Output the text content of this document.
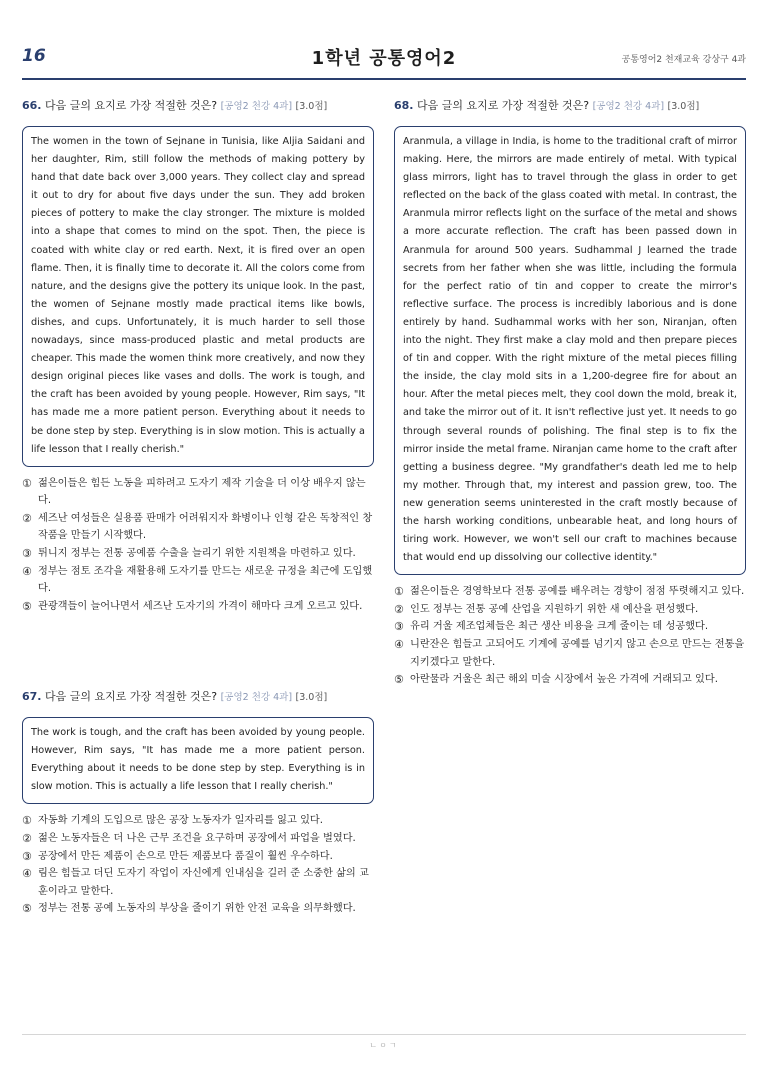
16	1학년 공통영어2	공통영어2 천재교육 강상구 4과
66. 다음 글의 요지로 가장 적절한 것은? [공영2 천강 4과] [3.0점]
The women in the town of Sejnane in Tunisia, like Aljia Saidani and her daughter, Rim, still follow the methods of making pottery by hand that date back over 3,000 years. They collect clay and spread it out to dry for about five days under the sun. They add broken pieces of pottery to make the clay stronger. The mixture is molded into a shape that comes to mind on the spot. Then, the piece is coated with white clay or red earth. Next, it is fired over an open flame. Then, it is finally time to decorate it. All the colors come from nature, and the designs give the pottery its unique look. In the past, the women of Sejnane mostly made practical items like bowls, dishes, and cups. Unfortunately, it is much harder to sell those nowadays, since mass-produced plastic and metal products are cheaper. This made the women think more creatively, and now they design original pieces like vases and dolls. The work is tough, and the craft has been avoided by young people. However, Rim says, "It has made me a more patient person. Everything about it needs to be done step by step. Everything is in slow motion. This is actually a life lesson that I really cherish."
① 젊은이들은 힘든 노동을 피하려고 도자기 제작 기술을 더 이상 배우지 않는다.
② 세즈난 여성들은 실용품 판매가 어려워지자 화병이나 인형 같은 독창적인 창작품을 만들기 시작했다.
③ 튀니지 정부는 전통 공예품 수출을 늘리기 위한 지원책을 마련하고 있다.
④ 정부는 점토 조각을 재활용해 도자기를 만드는 새로운 규정을 최근에 도입했다.
⑤ 관광객들이 늘어나면서 세즈난 도자기의 가격이 해마다 크게 오르고 있다.
67. 다음 글의 요지로 가장 적절한 것은? [공영2 천강 4과] [3.0점]
The work is tough, and the craft has been avoided by young people. However, Rim says, "It has made me a more patient person. Everything about it needs to be done step by step. Everything is in slow motion. This is actually a life lesson that I really cherish."
① 자동화 기계의 도입으로 많은 공장 노동자가 일자리를 잃고 있다.
② 젊은 노동자들은 더 나은 근무 조건을 요구하며 공장에서 파업을 벌였다.
③ 공장에서 만든 제품이 손으로 만든 제품보다 품질이 훨씬 우수하다.
④ 림은 힘들고 더딘 도자기 작업이 자신에게 인내심을 길러 준 소중한 삶의 교훈이라고 말한다.
⑤ 정부는 전통 공예 노동자의 부상을 줄이기 위한 안전 교육을 의무화했다.
68. 다음 글의 요지로 가장 적절한 것은? [공영2 천강 4과] [3.0점]
Aranmula, a village in India, is home to the traditional craft of mirror making. Here, the mirrors are made entirely of metal. With typical glass mirrors, light has to travel through the glass in order to get reflected on the back of the glass coated with metal. In contrast, the Aranmula mirror reflects light on the surface of the metal and shows a more accurate reflection. The craft has been passed down in Aranmula for around 500 years. Sudhammal J learned the trade secrets from her father when she was little, including the formula for the perfect ratio of tin and copper to create the mirror's reflective surface. The process is incredibly laborious and is done entirely by hand. Sudhammal works with her son, Niranjan, often into the night. They first make a clay mold and then prepare pieces of tin and copper. With the right mixture of the metal pieces filling the inside, the clay mold sits in a 1,200-degree fire for about an hour. After the metal pieces melt, they cool down the mold, break it, and take the mirror out of it. It isn't reflective just yet. It needs to go through several rounds of polishing. The final step is to fix the mirror inside the metal frame. Niranjan came home to the craft after getting a business degree. "My grandfather's death led me to help my mother. Through that, my interest and passion grew, too. The new generation seems uninterested in the craft mostly because of the harsh working conditions, unbearable heat, and long hours of tiring work. However, we won't sell our craft to machines because that would end up dissolving our collective identity."
① 젊은이들은 경영학보다 전통 공예를 배우려는 경향이 점점 뚜렷해지고 있다.
② 인도 정부는 전통 공예 산업을 지원하기 위한 새 예산을 편성했다.
③ 유리 거울 제조업체들은 최근 생산 비용을 크게 줄이는 데 성공했다.
④ 니란잔은 힘들고 고되어도 기계에 공예를 넘기지 않고 손으로 만드는 전통을 지키겠다고 말한다.
⑤ 아란물라 거울은 최근 해외 미술 시장에서 높은 가격에 거래되고 있다.
ㄴㅇㄱ
